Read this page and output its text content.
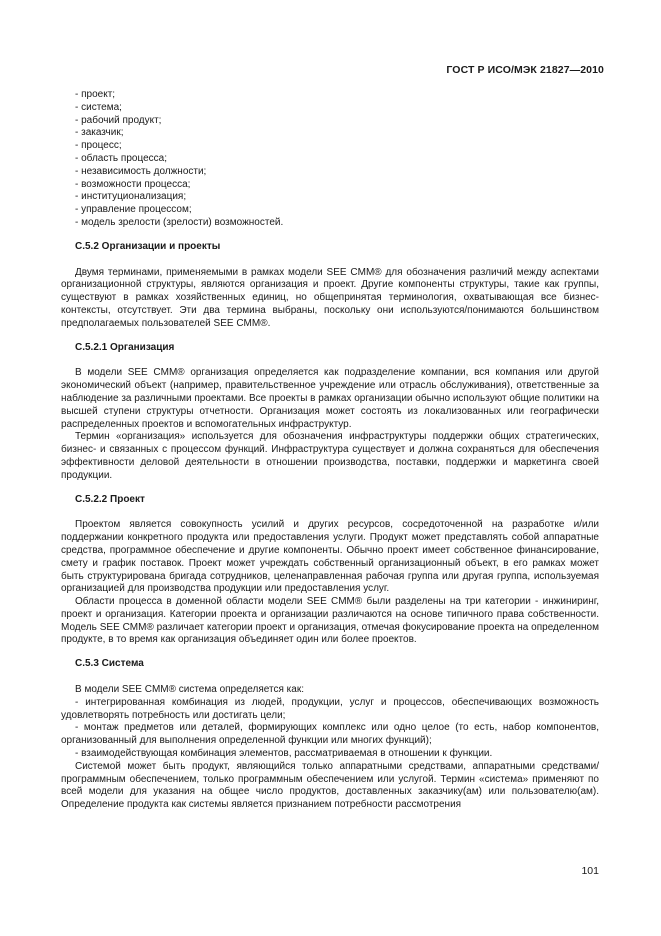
ГОСТ Р ИСО/МЭК 21827—2010
- проект;
- система;
- рабочий продукт;
- заказчик;
- процесс;
- область процесса;
- независимость должности;
- возможности процесса;
- институционализация;
- управление процессом;
- модель зрелости (зрелости) возможностей.

С.5.2 Организации и проекты

Двумя терминами, применяемыми в рамках модели SEE CMM® для обозначения различий между аспектами организационной структуры, являются организация и проект. Другие компоненты структуры, такие как группы, существуют в рамках хозяйственных единиц, но общепринятая терминология, охватывающая все бизнес-контексты, отсутствует. Эти два термина выбраны, поскольку они используются/понимаются большинством предполагаемых пользователей SEE CMM®.

С.5.2.1 Организация

В модели SEE CMM® организация определяется как подразделение компании, вся компания или другой экономический объект (например, правительственное учреждение или отрасль обслуживания), ответственные за наблюдение за различными проектами. Все проекты в рамках организации обычно используют общие политики на высшей ступени структуры отчетности. Организация может состоять из локализованных или географически распределенных проектов и вспомогательных инфраструктур.

Термин «организация» используется для обозначения инфраструктуры поддержки общих стратегических, бизнес- и связанных с процессом функций. Инфраструктура существует и должна сохраняться для обеспечения эффективности деловой деятельности в отношении производства, поставки, поддержки и маркетинга своей продукции.

С.5.2.2 Проект

Проектом является совокупность усилий и других ресурсов, сосредоточенной на разработке и/или поддержании конкретного продукта или предоставления услуги. Продукт может представлять собой аппаратные средства, программное обеспечение и другие компоненты. Обычно проект имеет собственное финансирование, смету и график поставок. Проект может учреждать собственный организационный объект, в его рамках может быть структурирована бригада сотрудников, целенаправленная рабочая группа или другая группа, используемая организацией для производства продукции или предоставления услуг.

Области процесса в доменной области модели SEE CMM® были разделены на три категории - инжиниринг, проект и организация. Категории проекта и организации различаются на основе типичного права собственности. Модель SEE CMM® различает категории проект и организация, отмечая фокусирование проекта на определенном продукте, в то время как организация объединяет один или более проектов.

С.5.3 Система

В модели SEE CMM® система определяется как:

- интегрированная комбинация из людей, продукции, услуг и процессов, обеспечивающих возможность удовлетворять потребность или достигать цели;

- монтаж предметов или деталей, формирующих комплекс или одно целое (то есть, набор компонентов, организованный для выполнения определенной функции или многих функций);

- взаимодействующая комбинация элементов, рассматриваемая в отношении к функции.

Системой может быть продукт, являющийся только аппаратными средствами, аппаратными средствами/программным обеспечением, только программным обеспечением или услугой. Термин «система» применяют по всей модели для указания на общее число продуктов, доставленных заказчику(ам) или пользователю(ам). Определение продукта как системы является признанием потребности рассмотрения

101
